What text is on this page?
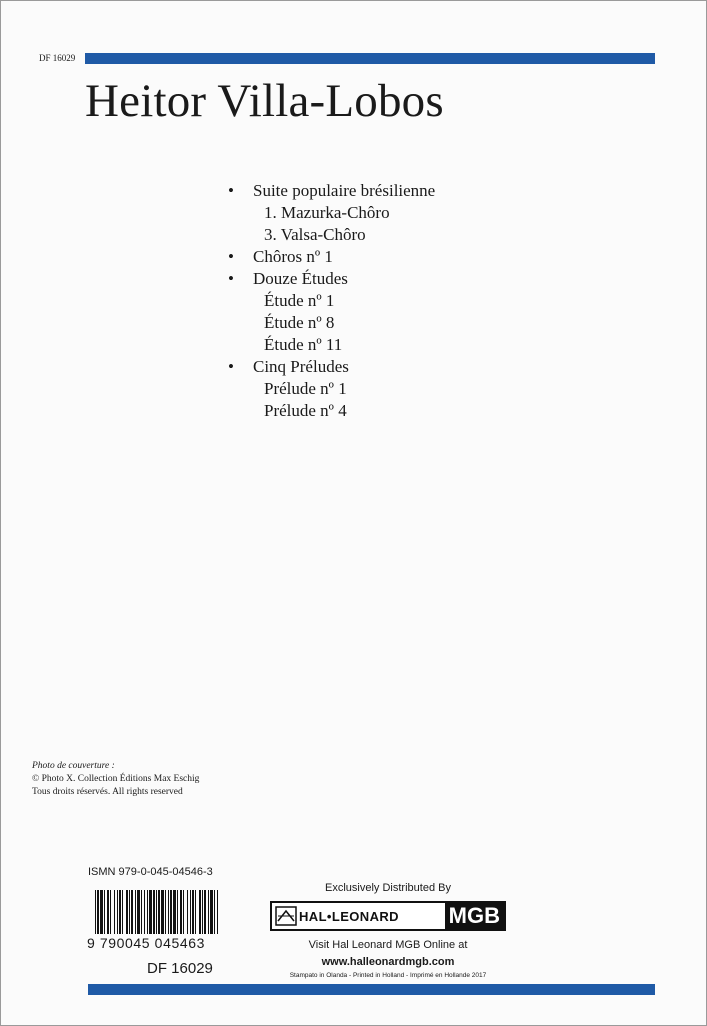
DF 16029
Heitor Villa-Lobos
• Suite populaire brésilienne
1. Mazurka-Chôro
3. Valsa-Chôro
• Chôros nº 1
• Douze Études
Étude nº 1
Étude nº 8
Étude nº 11
• Cinq Préludes
Prélude nº 1
Prélude nº 4
Photo de couverture :
© Photo X. Collection Éditions Max Eschig
Tous droits réservés. All rights reserved
ISMN 979-0-045-04546-3
9 790045 045463
DF 16029
Exclusively Distributed By
HAL•LEONARD MGB
Visit Hal Leonard MGB Online at
www.halleonardmgb.com
Stampato in Olanda - Printed in Holland - Imprimé en Hollande 2017
